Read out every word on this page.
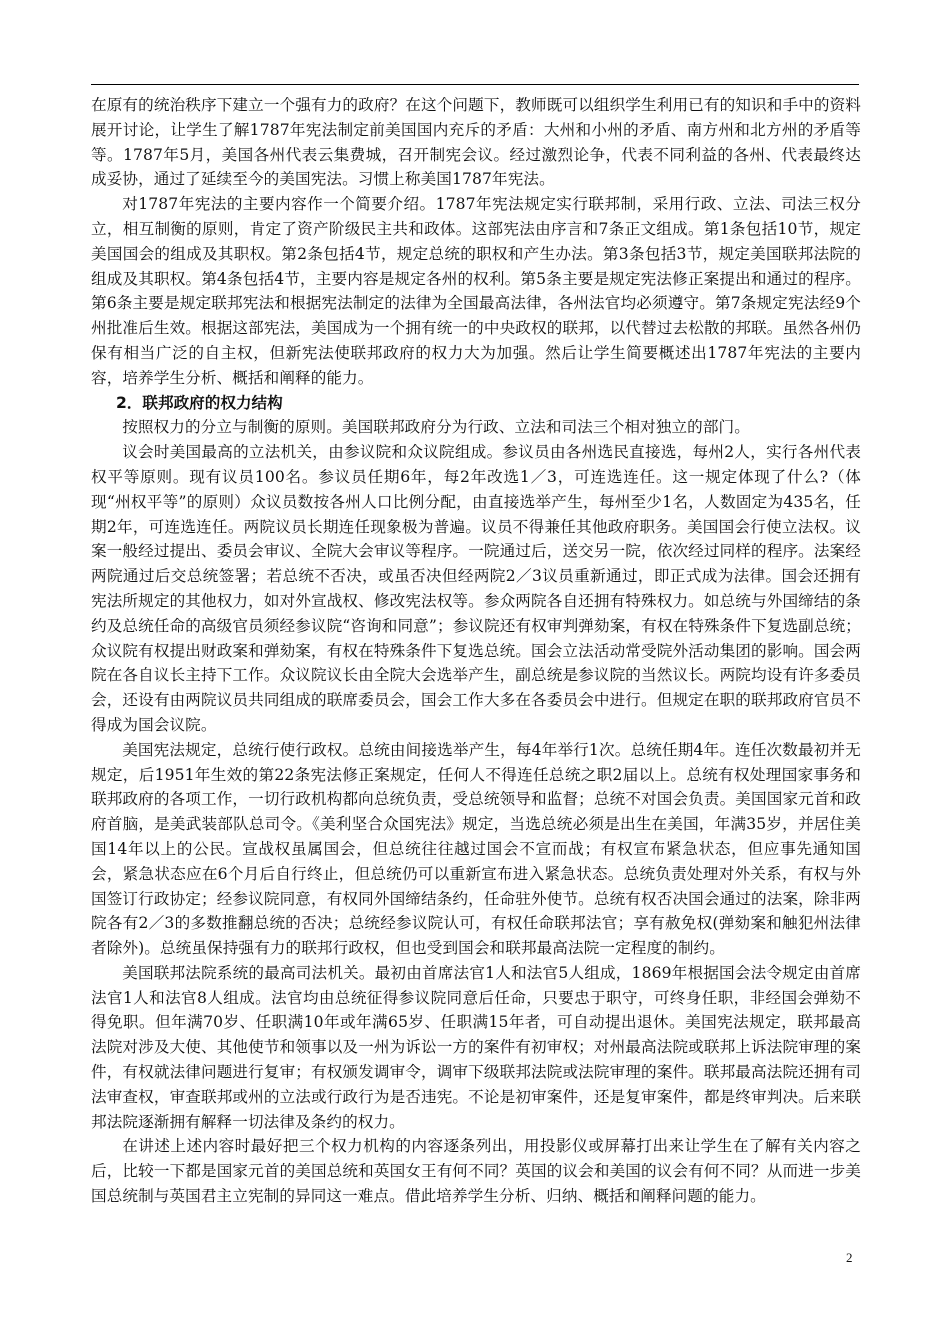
在原有的统治秩序下建立一个强有力的政府？在这个问题下，教师既可以组织学生利用已有的知识和手中的资料展开讨论，让学生了解1787年宪法制定前美国国内充斥的矛盾：大州和小州的矛盾、南方州和北方州的矛盾等等。1787年5月，美国各州代表云集费城，召开制宪会议。经过激烈论争，代表不同利益的各州、代表最终达成妥协，通过了延续至今的美国宪法。习惯上称美国1787年宪法。

对1787年宪法的主要内容作一个简要介绍。1787年宪法规定实行联邦制，采用行政、立法、司法三权分立，相互制衡的原则，肯定了资产阶级民主共和政体。这部宪法由序言和7条正文组成。第1条包括10节，规定美国国会的组成及其职权。第2条包括4节，规定总统的职权和产生办法。第3条包括3节，规定美国联邦法院的组成及其职权。第4条包括4节，主要内容是规定各州的权利。第5条主要是规定宪法修正案提出和通过的程序。第6条主要是规定联邦宪法和根据宪法制定的法律为全国最高法律，各州法官均必须遵守。第7条规定宪法经9个州批准后生效。根据这部宪法，美国成为一个拥有统一的中央政权的联邦，以代替过去松散的邦联。虽然各州仍保有相当广泛的自主权，但新宪法使联邦政府的权力大为加强。然后让学生简要概述出1787年宪法的主要内容，培养学生分析、概括和阐释的能力。

2．联邦政府的权力结构

按照权力的分立与制衡的原则。美国联邦政府分为行政、立法和司法三个相对独立的部门。

议会时美国最高的立法机关，由参议院和众议院组成。参议员由各州选民直接选，每州2人，实行各州代表权平等原则。现有议员100名。参议员任期6年，每2年改选1／3，可连选连任。这一规定体现了什么?（体现“州权平等”的原则）众议员数按各州人口比例分配，由直接选举产生，每州至少1名，人数固定为435名，任期2年，可连选连任。两院议员长期连任现象极为普遍。议员不得兼任其他政府职务。美国国会行使立法权。议案一般经过提出、委员会审议、全院大会审议等程序。一院通过后，送交另一院，依次经过同样的程序。法案经两院通过后交总统签署；若总统不否决，或虽否决但经两院2／3议员重新通过，即正式成为法律。国会还拥有宪法所规定的其他权力，如对外宣战权、修改宪法权等。参众两院各自还拥有特殊权力。如总统与外国缔结的条约及总统任命的高级官员须经参议院“咨询和同意”；参议院还有权审判弹劾案，有权在特殊条件下复选副总统；众议院有权提出财政案和弹劾案，有权在特殊条件下复选总统。国会立法活动常受院外活动集团的影响。国会两院在各自议长主持下工作。众议院议长由全院大会选举产生，副总统是参议院的当然议长。两院均设有许多委员会，还设有由两院议员共同组成的联席委员会，国会工作大多在各委员会中进行。但规定在职的联邦政府官员不得成为国会议院。

美国宪法规定，总统行使行政权。总统由间接选举产生，每4年举行1次。总统任期4年。连任次数最初并无规定，后1951年生效的第22条宪法修正案规定，任何人不得连任总统之职2届以上。总统有权处理国家事务和联邦政府的各项工作，一切行政机构都向总统负责，受总统领导和监督；总统不对国会负责。美国国家元首和政府首脑，是美武装部队总司令。《美利坚合众国宪法》规定，当选总统必须是出生在美国，年满35岁，并居住美国14年以上的公民。宣战权虽属国会，但总统往往越过国会不宣而战；有权宣布紧急状态，但应事先通知国会，紧急状态应在6个月后自行终止，但总统仍可以重新宣布进入紧急状态。总统负责处理对外关系，有权与外国签订行政协定；经参议院同意，有权同外国缔结条约，任命驻外使节。总统有权否决国会通过的法案，除非两院各有2／3的多数推翻总统的否决；总统经参议院认可，有权任命联邦法官；享有赦免权(弹劾案和触犯州法律者除外)。总统虽保持强有力的联邦行政权，但也受到国会和联邦最高法院一定程度的制约。

美国联邦法院系统的最高司法机关。最初由首席法官1人和法官5人组成，1869年根据国会法令规定由首席法官1人和法官8人组成。法官均由总统征得参议院同意后任命，只要忠于职守，可终身任职，非经国会弹劾不得免职。但年满70岁、任职满10年或年满65岁、任职满15年者，可自动提出退休。美国宪法规定，联邦最高法院对涉及大使、其他使节和领事以及一州为诉讼一方的案件有初审权；对州最高法院或联邦上诉法院审理的案件，有权就法律问题进行复审；有权颁发调审令，调审下级联邦法院或法院审理的案件。联邦最高法院还拥有司法审查权，审查联邦或州的立法或行政行为是否违宪。不论是初审案件，还是复审案件，都是终审判决。后来联邦法院逐渐拥有解释一切法律及条约的权力。

在讲述上述内容时最好把三个权力机构的内容逐条列出，用投影仪或屏幕打出来让学生在了解有关内容之后，比较一下都是国家元首的美国总统和英国女王有何不同？英国的议会和美国的议会有何不同？从而进一步美国总统制与英国君主立宪制的异同这一难点。借此培养学生分析、归纳、概括和阐释问题的能力。

2
